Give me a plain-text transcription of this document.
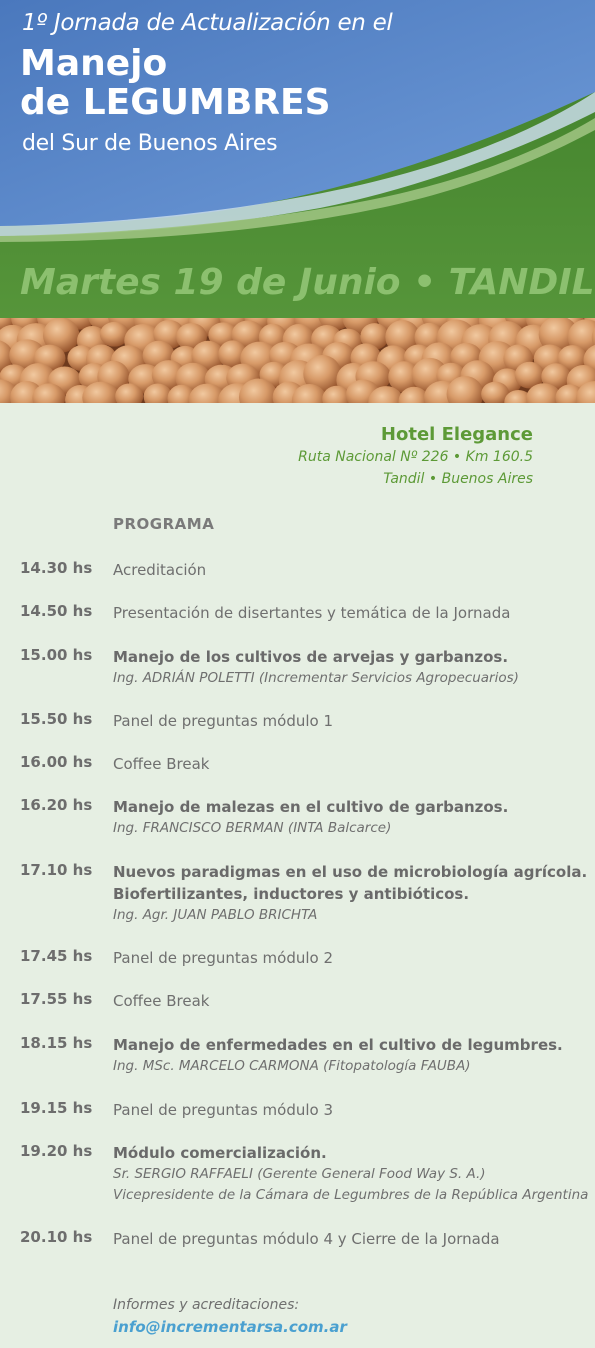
1º Jornada de Actualización en el
Manejo
de LEGUMBRES
del Sur de Buenos Aires
Martes 19 de Junio • TANDIL
Hotel Elegance
Ruta Nacional Nº 226 • Km 160.5
Tandil • Buenos Aires
PROGRAMA
14.30 hs Acreditación
14.50 hs Presentación de disertantes y temática de la Jornada
15.00 hs Manejo de los cultivos de arvejas y garbanzos.
Ing. ADRIÁN POLETTI (Incrementar Servicios Agropecuarios)
15.50 hs Panel de preguntas módulo 1
16.00 hs Coffee Break
16.20 hs Manejo de malezas en el cultivo de garbanzos.
Ing. FRANCISCO BERMAN (INTA Balcarce)
17.10 hs Nuevos paradigmas en el uso de microbiología agrícola.
Biofertilizantes, inductores y antibióticos.
Ing. Agr. JUAN PABLO BRICHTA
17.45 hs Panel de preguntas módulo 2
17.55 hs Coffee Break
18.15 hs Manejo de enfermedades en el cultivo de legumbres.
Ing. MSc. MARCELO CARMONA (Fitopatología FAUBA)
19.15 hs Panel de preguntas módulo 3
19.20 hs Módulo comercialización.
Sr. SERGIO RAFFAELI (Gerente General Food Way S. A.)
Vicepresidente de la Cámara de Legumbres de la República Argentina
20.10 hs Panel de preguntas módulo 4 y Cierre de la Jornada
Informes y acreditaciones:
info@incrementarsa.com.ar
